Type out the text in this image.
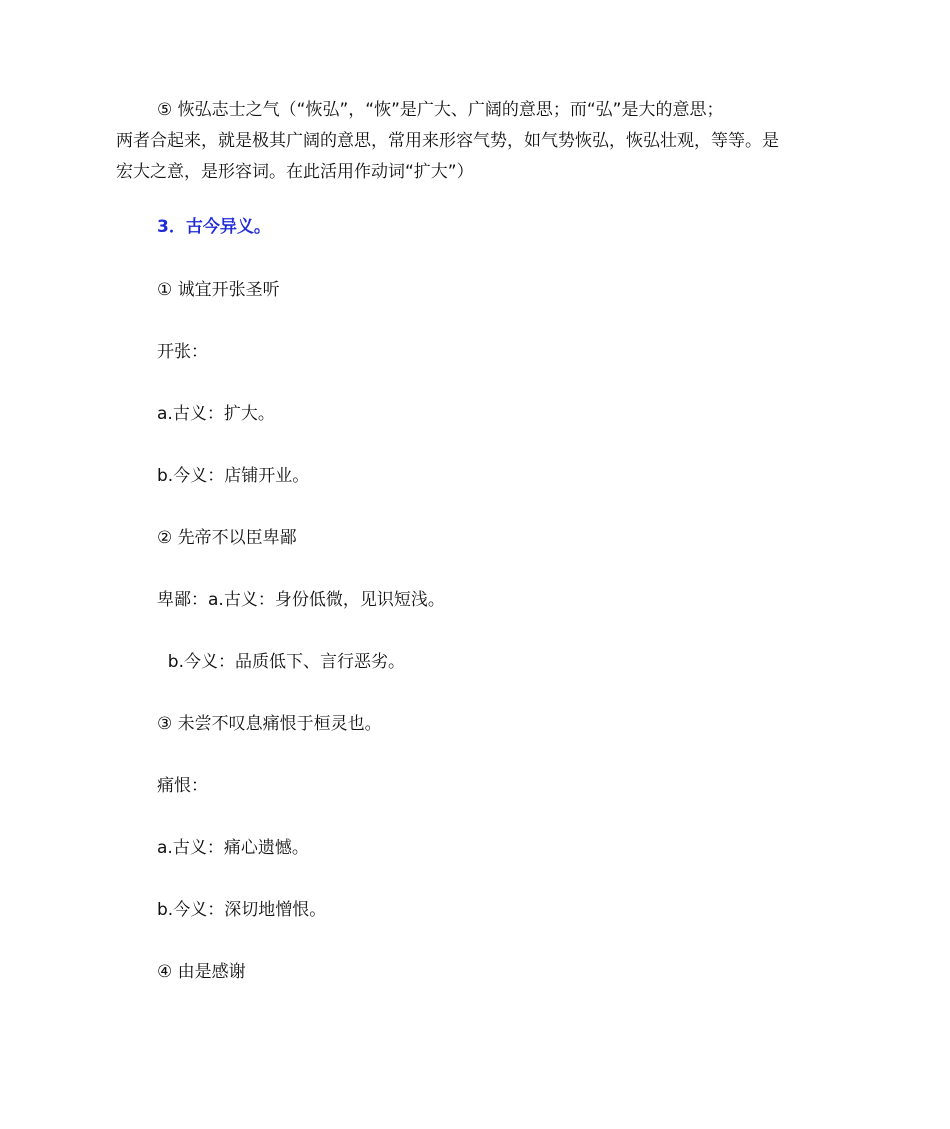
⑤ 恢弘志士之气（“恢弘”，“恢”是广大、广阔的意思；而“弘”是大的意思；
两者合起来，就是极其广阔的意思，常用来形容气势，如气势恢弘，恢弘壮观，等等。是
宏大之意，是形容词。在此活用作动词“扩大”）
3．古今异义。
① 诚宜开张圣听
开张：
a.古义：扩大。
b.今义：店铺开业。
② 先帝不以臣卑鄙
卑鄙：a.古义：身份低微，见识短浅。
b.今义：品质低下、言行恶劣。
③ 未尝不叹息痛恨于桓灵也。
痛恨：
a.古义：痛心遗憾。
b.今义：深切地憎恨。
④ 由是感谢
